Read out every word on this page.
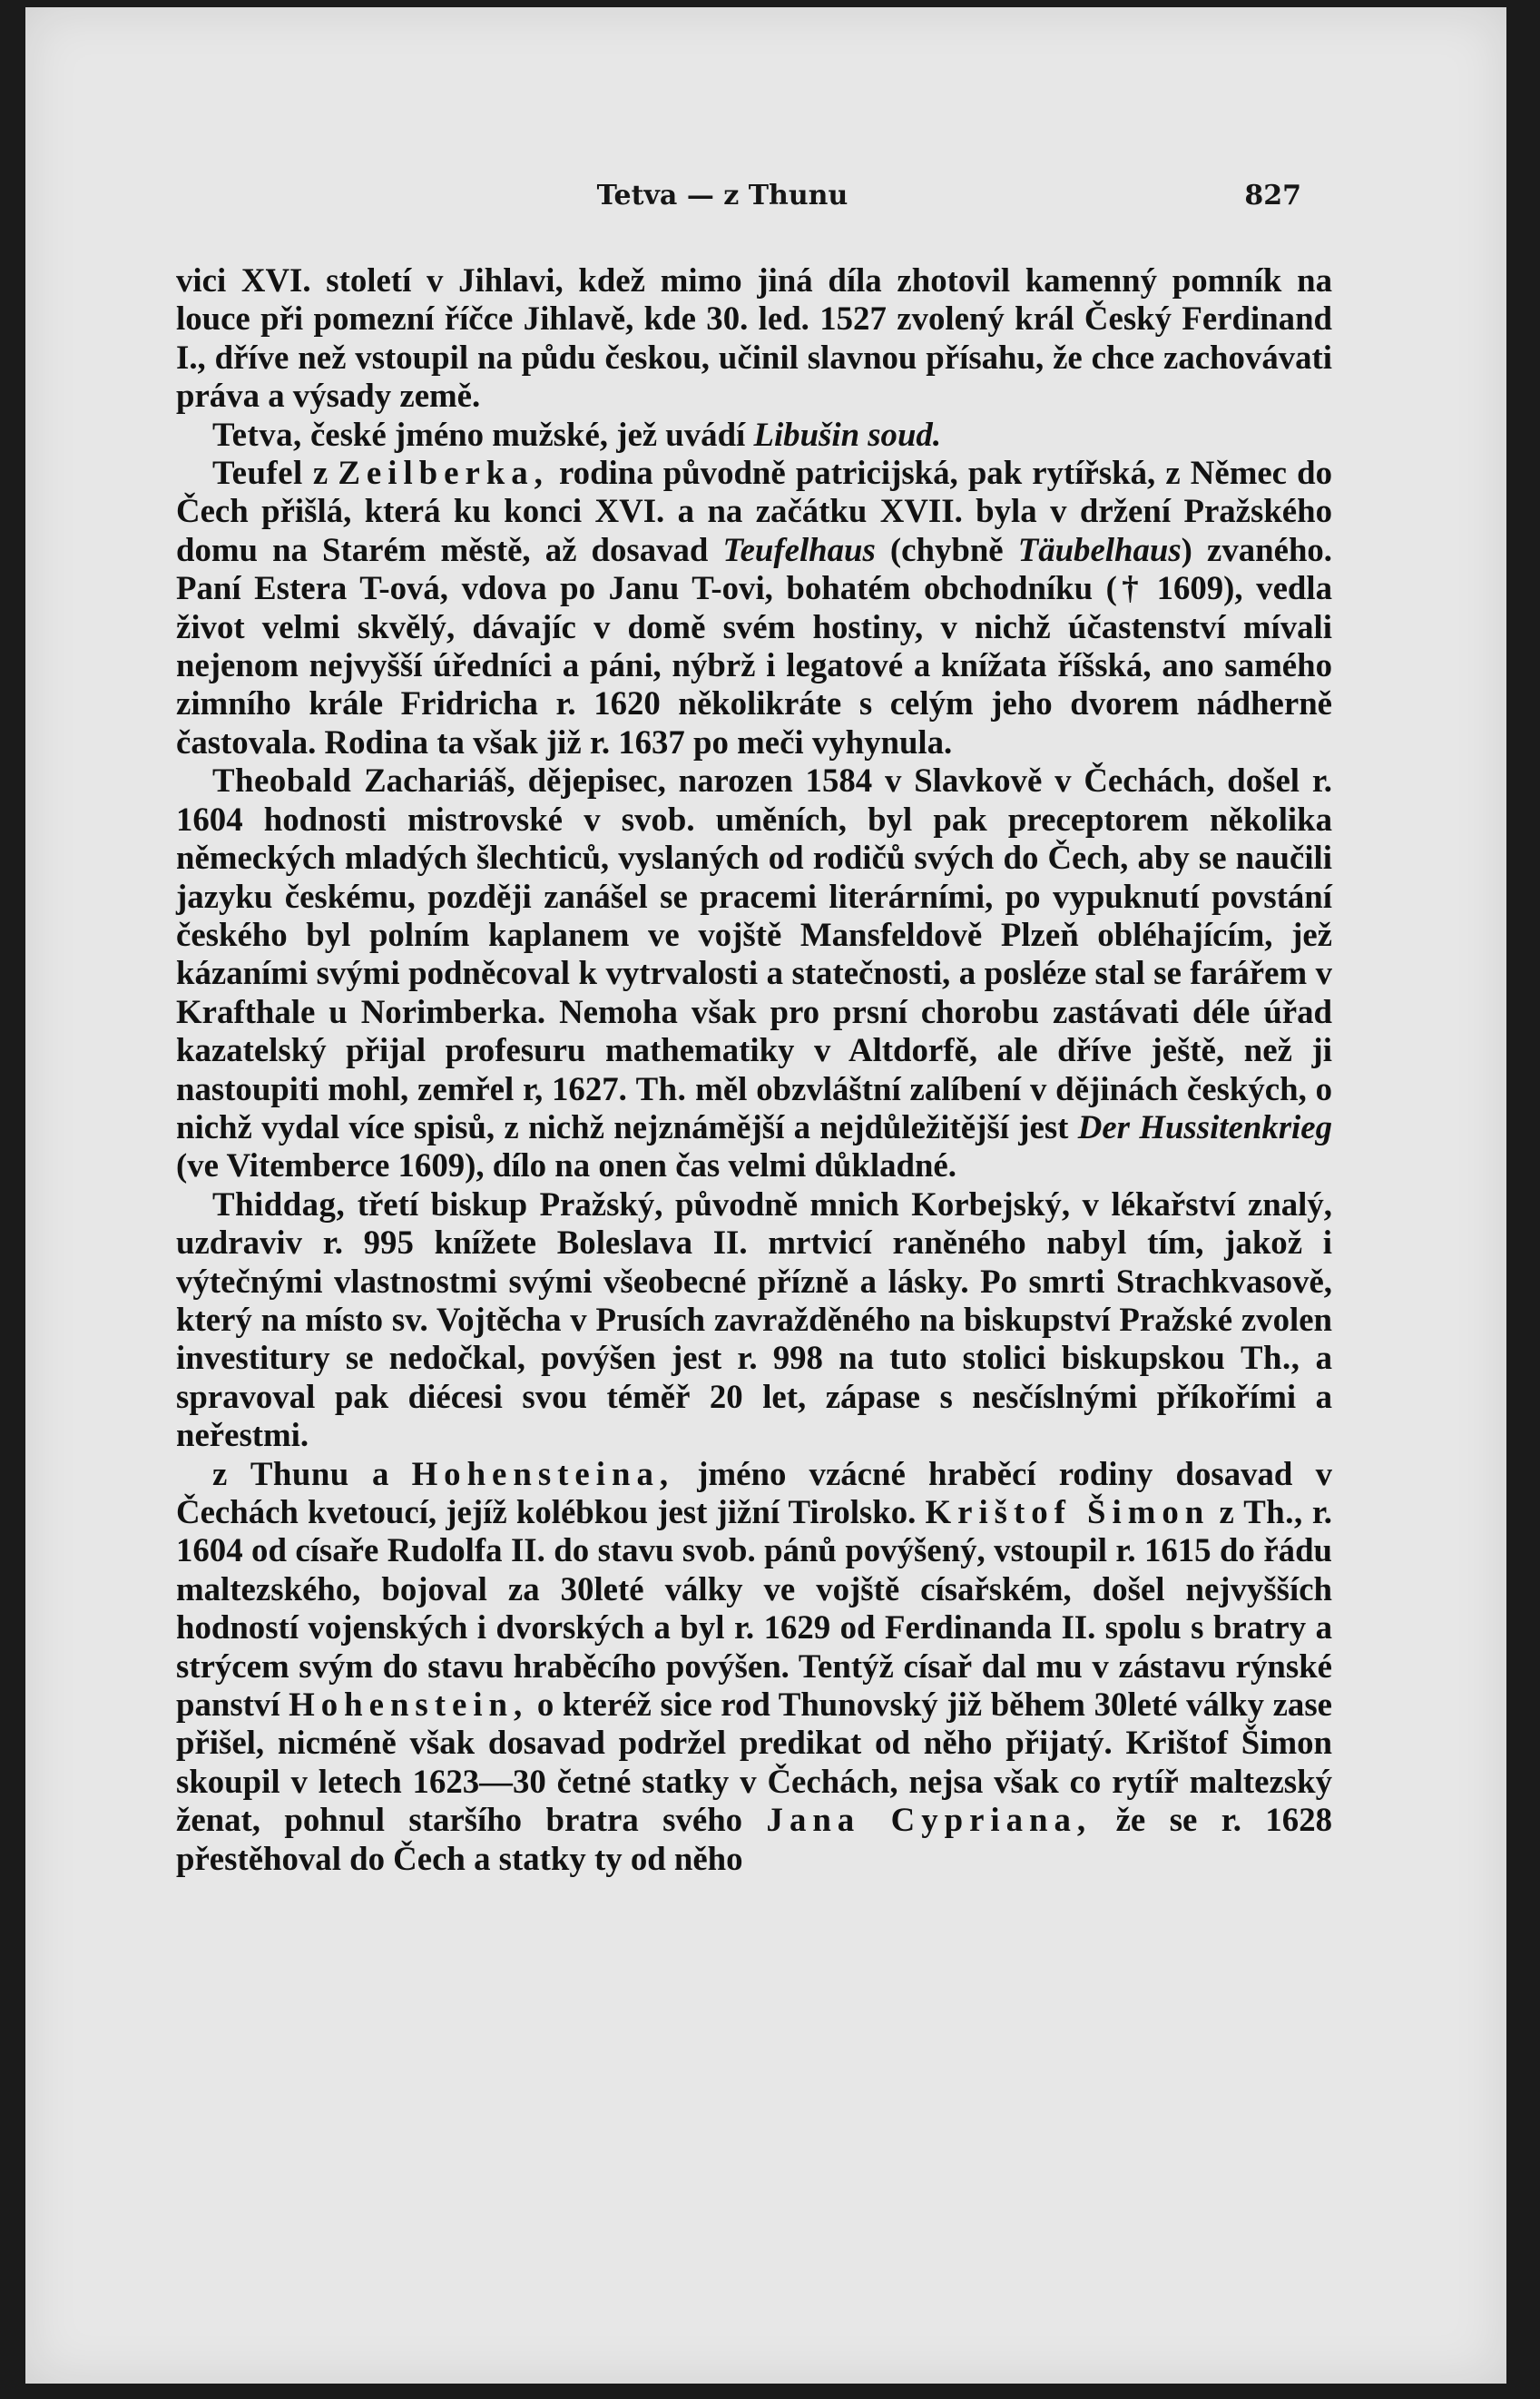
Tetva — z Thunu	827

vici XVI. století v Jihlavi, kdež mimo jiná díla zhotovil kamenný pomník na louce při pomezní říčce Jihlavě, kde 30. led. 1527 zvolený král Český Ferdinand I., dříve než vstoupil na půdu českou, učinil slavnou přísahu, že chce zachovávati práva a výsady země.

Tetva, české jméno mužské, jež uvádí Libušin soud.

Teufel z Zeilberka, rodina původně patricijská, pak rytířská, z Němec do Čech přišlá, která ku konci XVI. a na začátku XVII. byla v držení Pražského domu na Starém městě, až dosavad Teufelhaus (chybně Täubelhaus) zvaného. Paní Estera T-ová, vdova po Janu T-ovi, bohatém obchodníku († 1609), vedla život velmi skvělý, dávajíc v domě svém hostiny, v nichž účastenství mívali nejenom nejvyšší úředníci a páni, nýbrž i legatové a knížata říšská, ano samého zimního krále Fridricha r. 1620 několikráte s celým jeho dvorem nádherně častovala. Rodina ta však již r. 1637 po meči vyhynula.

Theobald Zachariáš, dějepisec, narozen 1584 v Slavkově v Čechách, došel r. 1604 hodnosti mistrovské v svob. uměních, byl pak preceptorem několika německých mladých šlechticů, vyslaných od rodičů svých do Čech, aby se naučili jazyku českému, později zanášel se pracemi literárními, po vypuknutí povstání českého byl polním kaplanem ve vojště Mansfeldově Plzeň obléhajícím, jež kázaními svými podněcoval k vytrvalosti a statečnosti, a posléze stal se farářem v Krafthale u Norimberka. Nemoha však pro prsní chorobu zastávati déle úřad kazatelský přijal profesuru mathematiky v Altdorfě, ale dříve ještě, než ji nastoupiti mohl, zemřel r, 1627. Th. měl obzvláštní zalíbení v dějinách českých, o nichž vydal více spisů, z nichž nejznámější a nejdůležitější jest Der Hussitenkrieg (ve Vitemberce 1609), dílo na onen čas velmi důkladné.

Thiddag, třetí biskup Pražský, původně mnich Korbejský, v lékařství znalý, uzdraviv r. 995 knížete Boleslava II. mrtvicí raněného nabyl tím, jakož i výtečnými vlastnostmi svými všeobecné přízně a lásky. Po smrti Strachkvasově, který na místo sv. Vojtěcha v Prusích zavražděného na biskupství Pražské zvolen investitury se nedočkal, povýšen jest r. 998 na tuto stolici biskupskou Th., a spravoval pak diécesi svou téměř 20 let, zápase s nesčíslnými příkořími a neřestmi.

z Thunu a Hohensteina, jméno vzácné hraběcí rodiny dosavad v Čechách kvetoucí, jejíž kolébkou jest jižní Tirolsko. Krištof Šimon z Th., r. 1604 od císaře Rudolfa II. do stavu svob. pánů povýšený, vstoupil r. 1615 do řádu maltezského, bojoval za 30leté války ve vojště císařském, došel nejvyšších hodností vojenských i dvorských a byl r. 1629 od Ferdinanda II. spolu s bratry a strýcem svým do stavu hraběcího povýšen. Tentýž císař dal mu v zástavu rýnské panství Hohenstein, o kteréž sice rod Thunovský již během 30leté války zase přišel, nicméně však dosavad podržel predikat od něho přijatý. Krištof Šimon skoupil v letech 1623—30 četné statky v Čechách, nejsa však co rytíř maltezský ženat, pohnul staršího bratra svého Jana Cypriana, že se r. 1628 přestěhoval do Čech a statky ty od něho
